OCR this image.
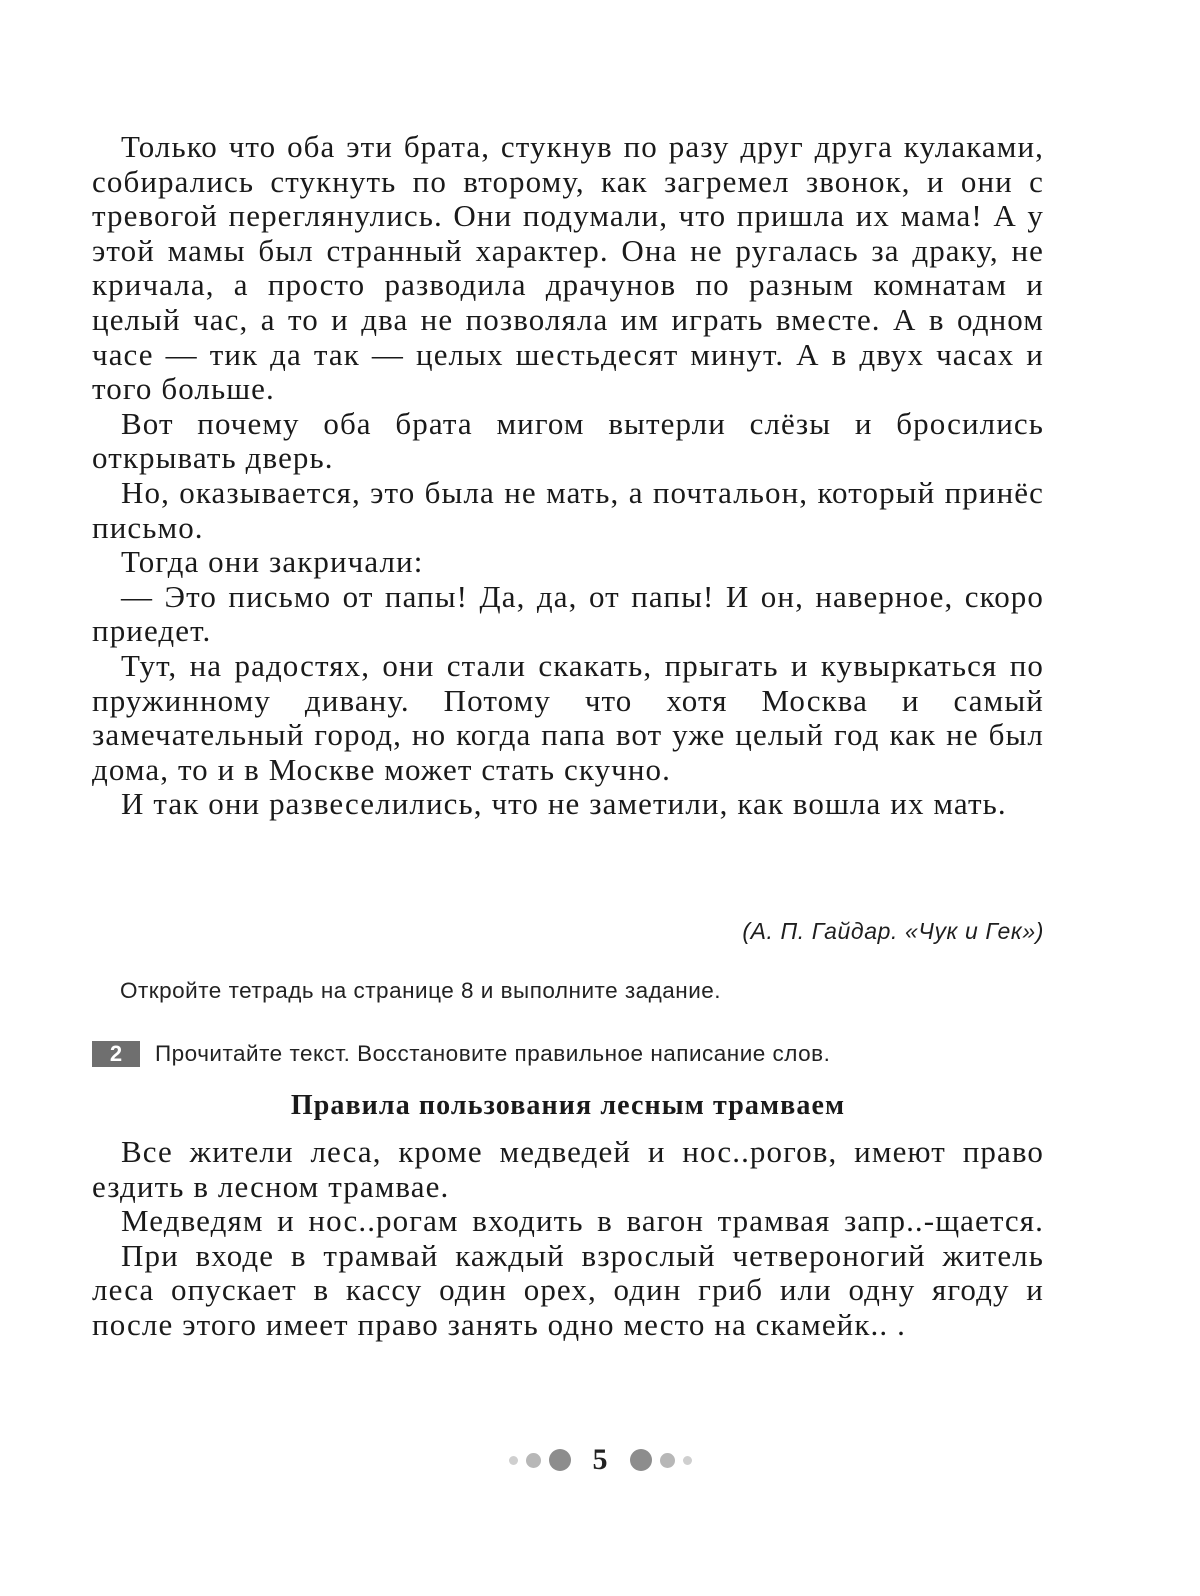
Только что оба эти брата, стукнув по разу друг друга кулаками, собирались стукнуть по второму, как загремел звонок, и они с тревогой переглянулись. Они подумали, что пришла их мама! А у этой мамы был странный характер. Она не ругалась за драку, не кричала, а просто разводила драчунов по разным комнатам и целый час, а то и два не позволяла им играть вместе. А в одном часе — тик да так — целых шестьдесят минут. А в двух часах и того больше.

Вот почему оба брата мигом вытерли слёзы и бросились открывать дверь.

Но, оказывается, это была не мать, а почтальон, который принёс письмо.

Тогда они закричали:

— Это письмо от папы! Да, да, от папы! И он, наверное, скоро приедет.

Тут, на радостях, они стали скакать, прыгать и кувыркаться по пружинному дивану. Потому что хотя Москва и самый замечательный город, но когда папа вот уже целый год как не был дома, то и в Москве может стать скучно.

И так они развеселились, что не заметили, как вошла их мать.

(А. П. Гайдар. «Чук и Гек»)
Откройте тетрадь на странице 8 и выполните задание.
2	Прочитайте текст. Восстановите правильное написание слов.
Правила пользования лесным трамваем

Все жители леса, кроме медведей и нос..рогов, имеют право ездить в лесном трамвае.

Медведям и нос..рогам входить в вагон трамвая запр..-щается.

При входе в трамвай каждый взрослый четвероногий житель леса опускает в кассу один орех, один гриб или одну ягоду и после этого имеет право занять одно место на скамейк.. .

5
